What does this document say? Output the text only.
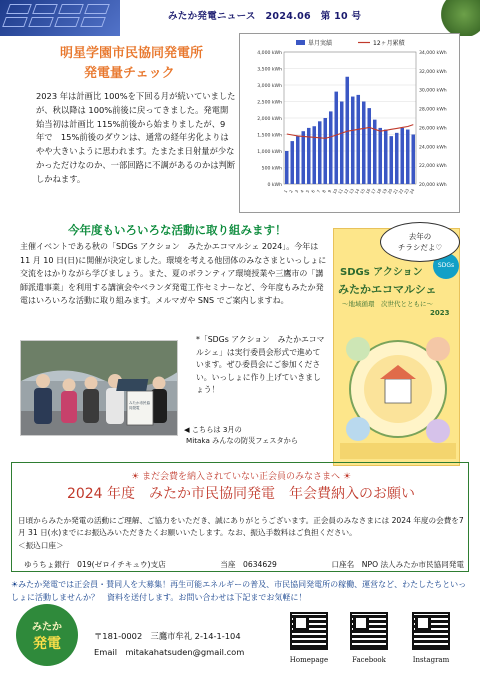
みたか発電ニュース　2024.06　第 10 号
明星学園市民協同発電所
発電量チェック
2023 年は計画比 100%を下回る月が続いていましたが、秋以降は 100%前後に戻ってきました。発電開始当初は計画比 115%前後から始まりましたが、9 年で　15%前後のダウンは、通常の経年劣化よりはやや大きいように思われます。たまたま日射量が少なかっただけなのか、一部回路に不調があるのかは判断しかねます。
0 kWh
500 kWh
1,000 kWh
1,500 kWh
2,000 kWh
2,500 kWh
3,000 kWh
3,500 kWh
4,000 kWh
20,000 kWh
22,000 kWh
24,000 kWh
26,000 kWh
28,000 kWh
30,000 kWh
32,000 kWh
34,000 kWh
1 2 3 4 5 6 7 8 9 10
11
12
13
14
15
16
17
18
19
20
21
22
23
24
単月実績	12ヶ月累積
今年度もいろいろな活動に取り組みます！
主催イベントである秋の「SDGs アクション　みたかエコマルシェ 2024」。今年は 11 月 10 日(日)に開催が決定しました。環境を考える他団体のみなさまといっしょに交流をはかりながら学びましょう。また、夏のボランティア環境授業や三鷹市の「講師派遣事業」を利用する講演会やベランダ発電工作セミナーなど、今年度もみたか発電はいろいろな活動に取り組みます。メルマガや SNS でご案内しますね。
みたか市民協同発電
*「SDGs アクション　みたかエコマルシェ」は実行委員会形式で進めています。ぜひ委員会にご参加ください。いっしょに作り上げていきましょう！
◀ こちらは 3月の
Mitaka みんなの防災フェスタから
SDGs アクション
SDGs
みたかエコマルシェ
〜地域循環　次世代とともに〜
2023
去年の
チラシだよ♡
☀ まだ会費を納入されていない正会員のみなさまへ ☀
2024 年度　みたか市民協同発電　年会費納入のお願い
日頃からみたか発電の活動にご理解、ご協力をいただき、誠にありがとうございます。正会員のみなさまには 2024 年度の会費を7月 31 日(水)までにお振込みいただきたくお願いいたします。なお、振込手数料はご負担ください。
＜振込口座＞
ゆうちょ銀行　019(ゼロイチキュウ)支店	当座　0634629	口座名　NPO 法人みたか市民協同発電
☀みたか発電では正会員・賛同人を大募集！再生可能エネルギーの普及、市民協同発電所の稼働、運営など、わたしたちといっしょに活動しませんか？　資料を送付します。お問い合わせは下記までお気軽に！
みたか
発電	〒181-0002　三鷹市牟礼 2-14-1-104
Email　mitakahatsuden@gmail.com
Homepage	Facebook	Instagram
